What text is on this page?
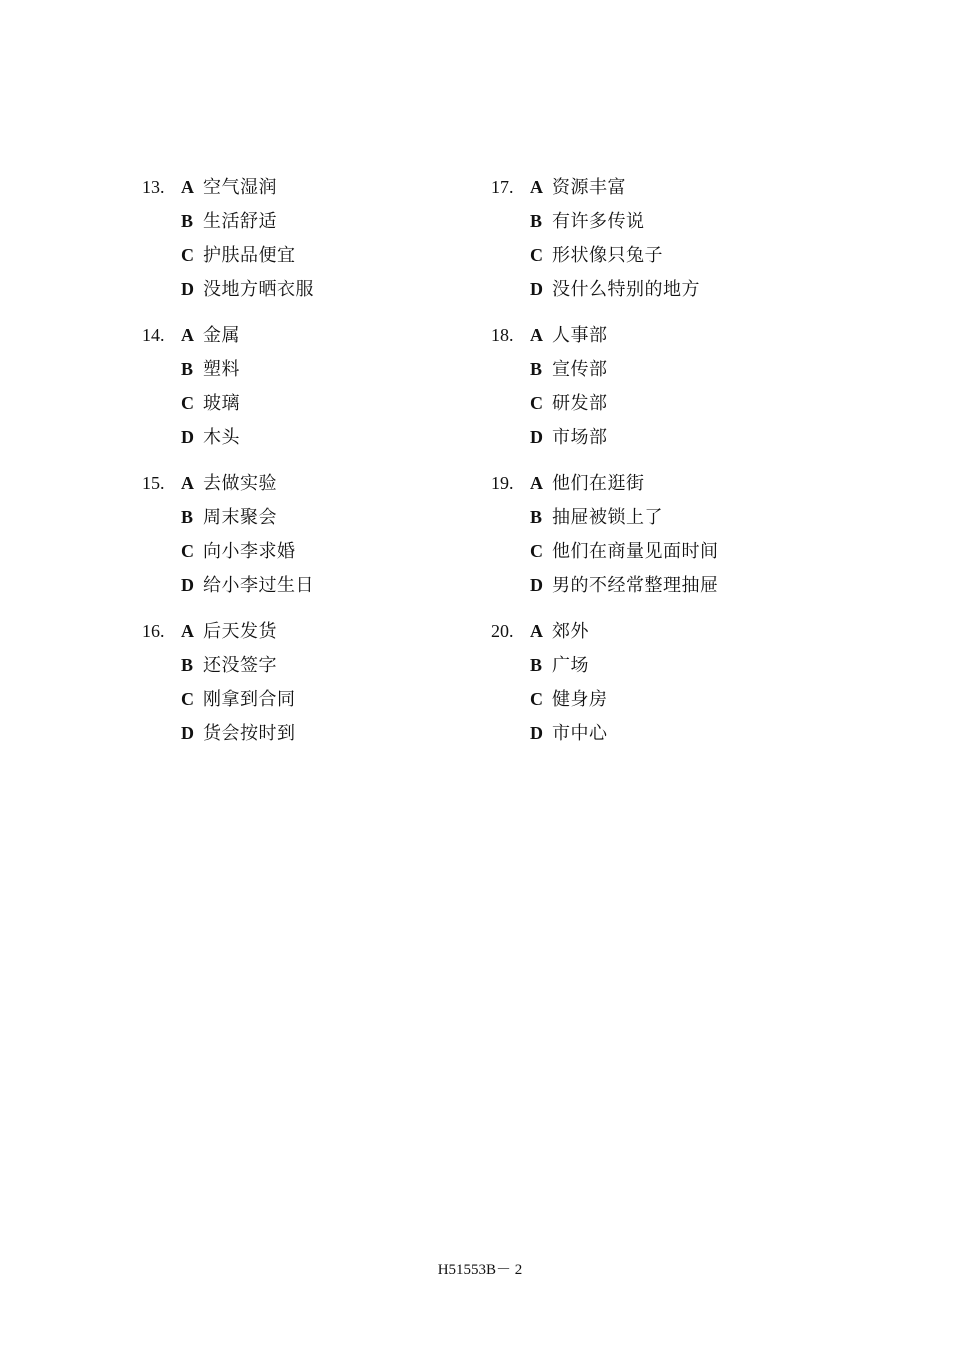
13. A 空气湿润
B 生活舒适
C 护肤品便宜
D 没地方晒衣服
14. A 金属
B 塑料
C 玻璃
D 木头
15. A 去做实验
B 周末聚会
C 向小李求婚
D 给小李过生日
16. A 后天发货
B 还没签字
C 刚拿到合同
D 货会按时到
17. A 资源丰富
B 有许多传说
C 形状像只兔子
D 没什么特别的地方
18. A 人事部
B 宣传部
C 研发部
D 市场部
19. A 他们在逛街
B 抽屉被锁上了
C 他们在商量见面时间
D 男的不经常整理抽屉
20. A 郊外
B 广场
C 健身房
D 市中心
H51553B－ 2
